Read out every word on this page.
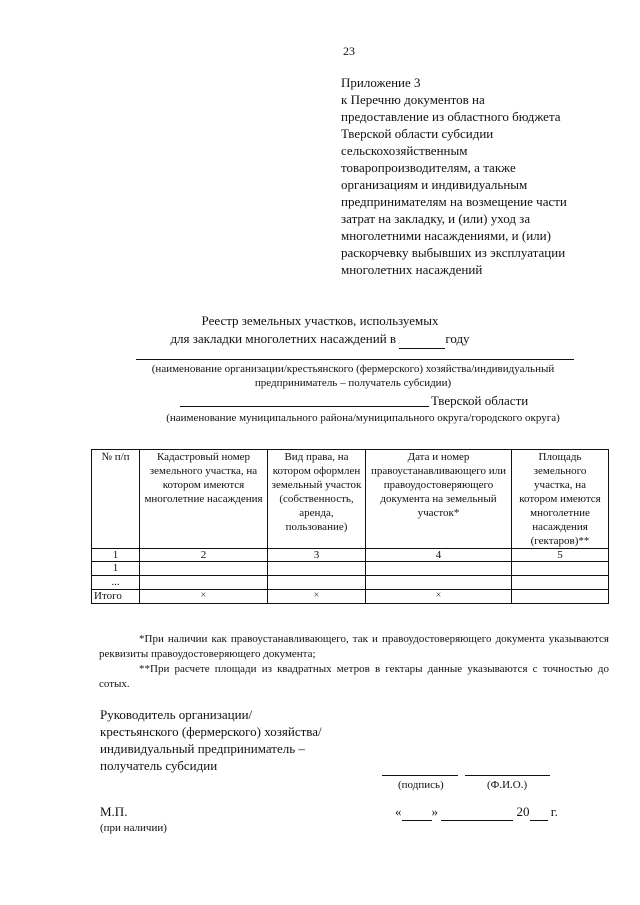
23
Приложение 3
к Перечню документов на
предоставление из областного бюджета
Тверской области субсидии
сельскохозяйственным
товаропроизводителям, а также
организациям и индивидуальным
предпринимателям на возмещение части
затрат на закладку, и (или) уход за
многолетними насаждениями, и (или)
раскорчевку выбывших из эксплуатации
многолетних насаждений
Реестр земельных участков, используемых
для закладки многолетних насаждений в	году
(наименование организации/крестьянского (фермерского) хозяйства/индивидуальный
предприниматель – получатель субсидии)
Тверской области
(наименование муниципального района/муниципального округа/городского округа)
№ п/п	Кадастровый номер земельного участка, на котором имеются многолетние насаждения	Вид права, на котором оформлен земельный участок (собственность, аренда, пользование)	Дата и номер правоустанавливающего или правоудостоверяющего документа на земельный участок*	Площадь земельного участка, на котором имеются многолетние насаждения (гектаров)**
1	2	3	4	5
1				
...				
Итого	×	×	×	
*При наличии как правоустанавливающего, так и правоудостоверяющего документа указываются реквизиты правоудостоверяющего документа;
**При расчете площади из квадратных метров в гектары данные указываются с точностью до сотых.
Руководитель организации/
крестьянского (фермерского) хозяйства/
индивидуальный предприниматель –
получатель субсидии
(подпись)	(Ф.И.О.)
М.П.
(при наличии)
« »	20 г.
